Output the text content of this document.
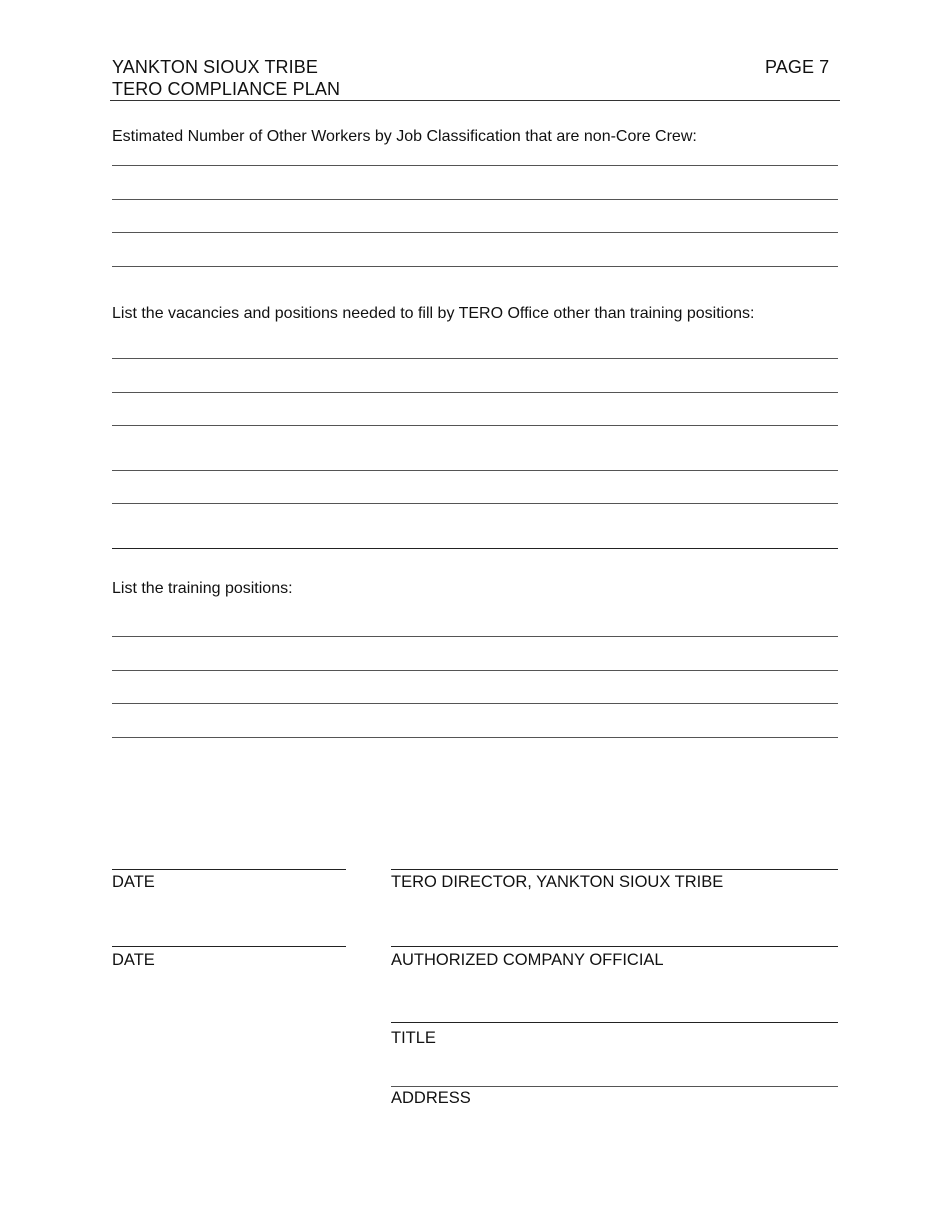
YANKTON SIOUX TRIBE
TERO COMPLIANCE PLAN
PAGE 7
Estimated Number of Other Workers by Job Classification that are non-Core Crew:
List the vacancies and positions needed to fill by TERO Office other than training positions:
List the training positions:
DATE	TERO DIRECTOR, YANKTON SIOUX TRIBE
DATE	AUTHORIZED COMPANY OFFICIAL
TITLE
ADDRESS
